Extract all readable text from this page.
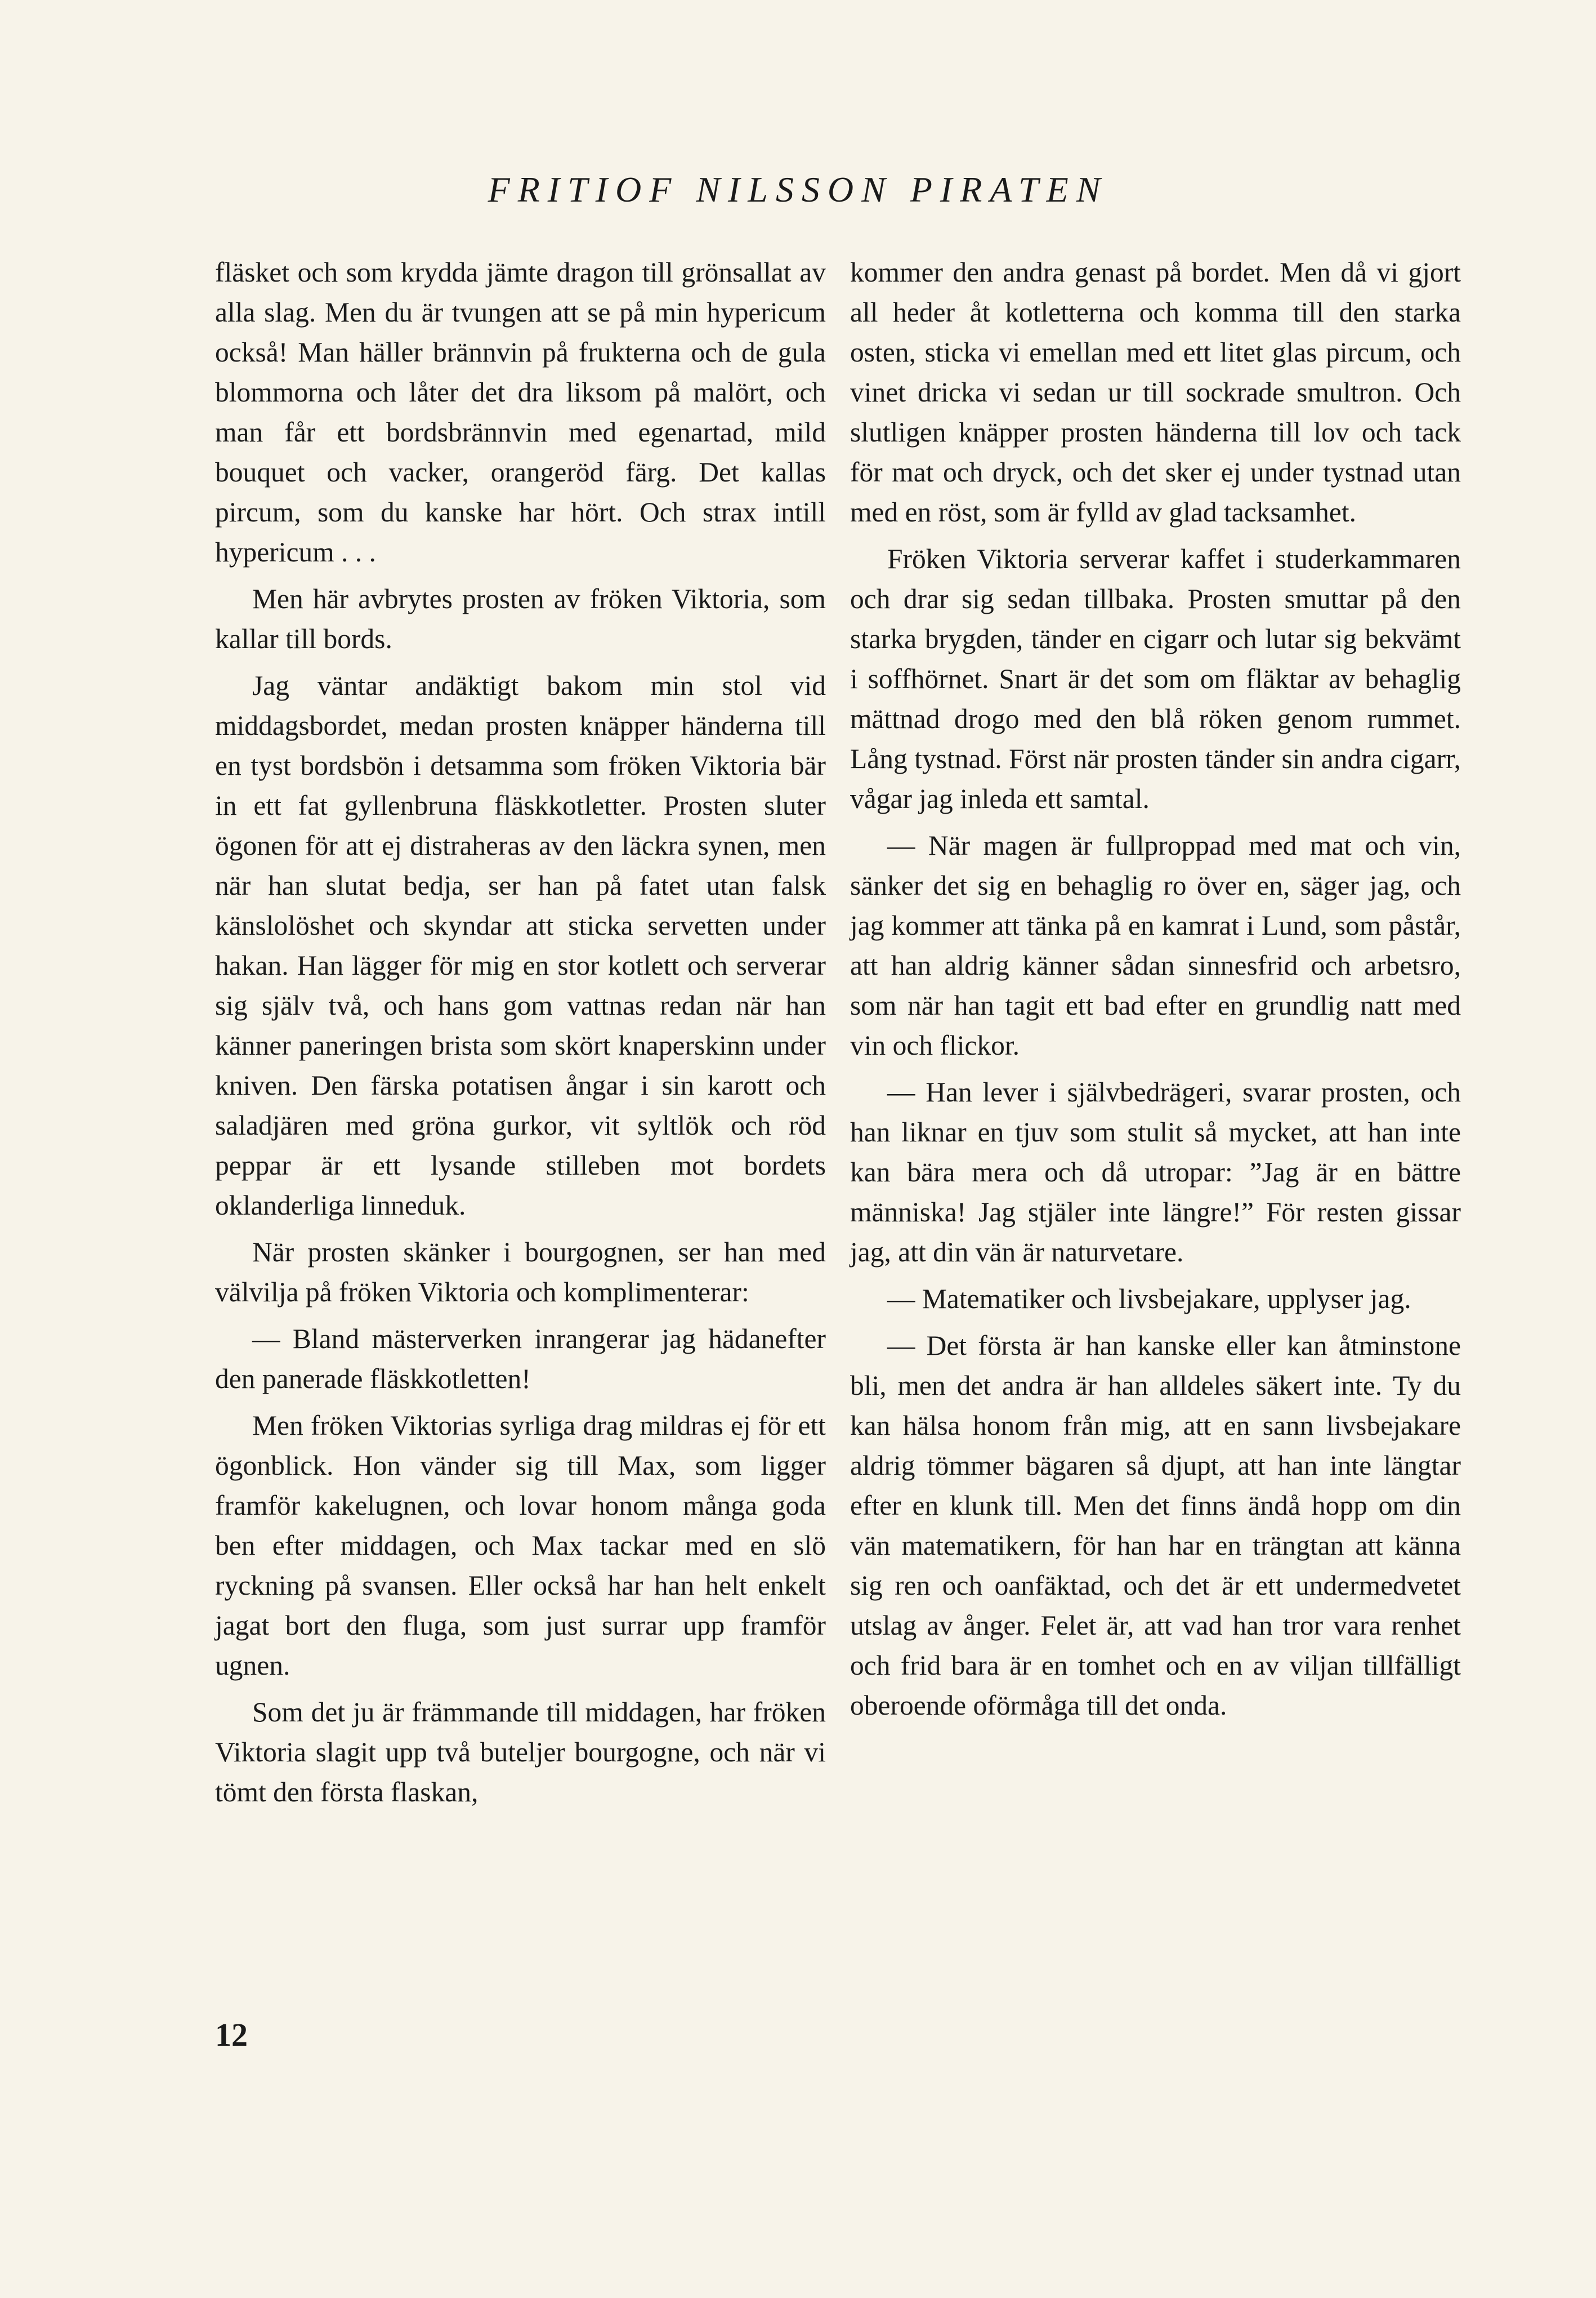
FRITIOF NILSSON PIRATEN

fläsket och som krydda jämte dragon till grönsallat av alla slag. Men du är tvungen att se på min hypericum också! Man häller brännvin på frukterna och de gula blommorna och låter det dra liksom på malört, och man får ett bordsbrännvin med egenartad, mild bouquet och vacker, orangeröd färg. Det kallas pircum, som du kanske har hört. Och strax intill hypericum . . .

Men här avbrytes prosten av fröken Viktoria, som kallar till bords.

Jag väntar andäktigt bakom min stol vid middagsbordet, medan prosten knäpper händerna till en tyst bordsbön i detsamma som fröken Viktoria bär in ett fat gyllenbruna fläskkotletter. Prosten sluter ögonen för att ej distraheras av den läckra synen, men när han slutat bedja, ser han på fatet utan falsk känslolöshet och skyndar att sticka servetten under hakan. Han lägger för mig en stor kotlett och serverar sig själv två, och hans gom vattnas redan när han känner paneringen brista som skört knaperskinn under kniven. Den färska potatisen ångar i sin karott och saladjären med gröna gurkor, vit syltlök och röd peppar är ett lysande stilleben mot bordets oklanderliga linneduk.

När prosten skänker i bourgognen, ser han med välvilja på fröken Viktoria och komplimenterar:

— Bland mästerverken inrangerar jag hädanefter den panerade fläskkotletten!

Men fröken Viktorias syrliga drag mildras ej för ett ögonblick. Hon vänder sig till Max, som ligger framför kakelugnen, och lovar honom många goda ben efter middagen, och Max tackar med en slö ryckning på svansen. Eller också har han helt enkelt jagat bort den fluga, som just surrar upp framför ugnen.

Som det ju är främmande till middagen, har fröken Viktoria slagit upp två buteljer bourgogne, och när vi tömt den första flaskan,

kommer den andra genast på bordet. Men då vi gjort all heder åt kotletterna och komma till den starka osten, sticka vi emellan med ett litet glas pircum, och vinet dricka vi sedan ur till sockrade smultron. Och slutligen knäpper prosten händerna till lov och tack för mat och dryck, och det sker ej under tystnad utan med en röst, som är fylld av glad tacksamhet.

Fröken Viktoria serverar kaffet i studerkammaren och drar sig sedan tillbaka. Prosten smuttar på den starka brygden, tänder en cigarr och lutar sig bekvämt i soffhörnet. Snart är det som om fläktar av behaglig mättnad drogo med den blå röken genom rummet. Lång tystnad. Först när prosten tänder sin andra cigarr, vågar jag inleda ett samtal.

— När magen är fullproppad med mat och vin, sänker det sig en behaglig ro över en, säger jag, och jag kommer att tänka på en kamrat i Lund, som påstår, att han aldrig känner sådan sinnesfrid och arbetsro, som när han tagit ett bad efter en grundlig natt med vin och flickor.

— Han lever i självbedrägeri, svarar prosten, och han liknar en tjuv som stulit så mycket, att han inte kan bära mera och då utropar: ”Jag är en bättre människa! Jag stjäler inte längre!” För resten gissar jag, att din vän är naturvetare.

— Matematiker och livsbejakare, upplyser jag.

— Det första är han kanske eller kan åtminstone bli, men det andra är han alldeles säkert inte. Ty du kan hälsa honom från mig, att en sann livsbejakare aldrig tömmer bägaren så djupt, att han inte längtar efter en klunk till. Men det finns ändå hopp om din vän matematikern, för han har en trängtan att känna sig ren och oanfäktad, och det är ett undermedvetet utslag av ånger. Felet är, att vad han tror vara renhet och frid bara är en tomhet och en av viljan tillfälligt oberoende oförmåga till det onda.

12
